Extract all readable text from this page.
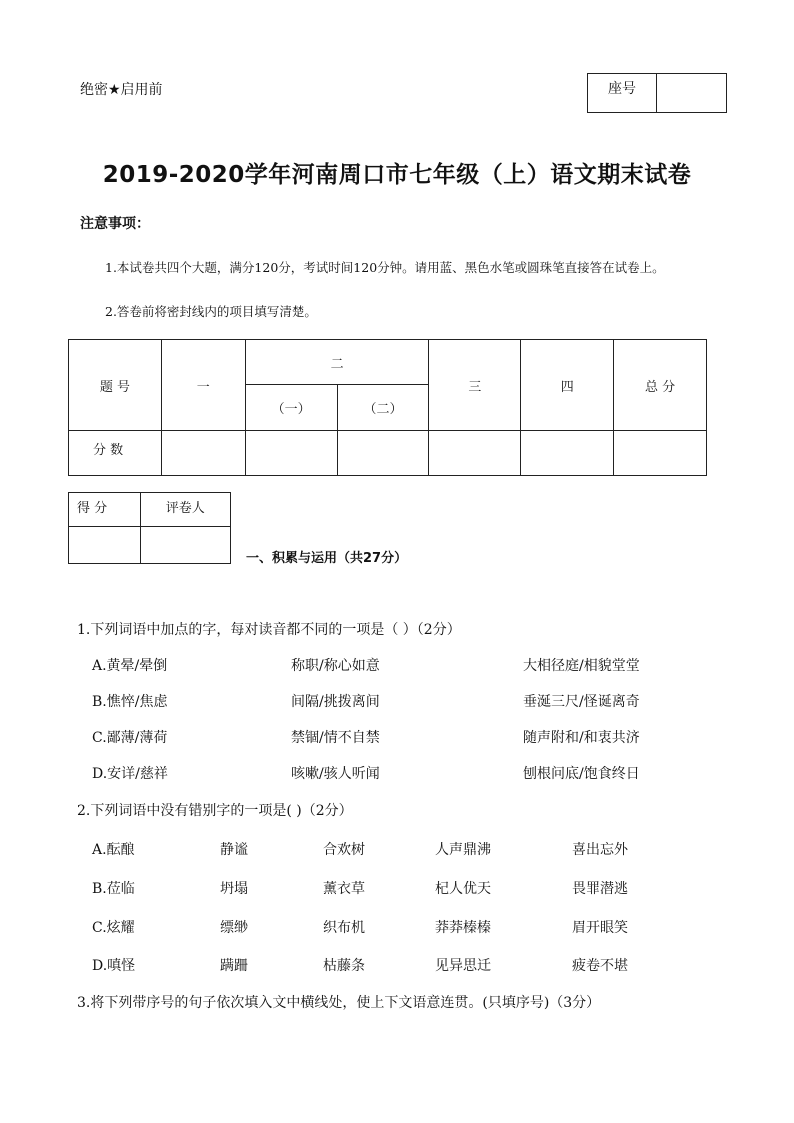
绝密★启用前	座号
2019-2020学年河南周口市七年级（上）语文期末试卷
注意事项：
1.本试卷共四个大题，满分120分，考试时间120分钟。请用蓝、黑色水笔或圆珠笔直接答在试卷上。
2.答卷前将密封线内的项目填写清楚。
题 号	一	二		三	四	总 分
		（一）	（二）			
分 数						
得 分	评卷人

一、积累与运用（共27分）
1.下列词语中加点的字，每对读音都不同的一项是（ ）（2分）
A.黄晕/晕倒	称职/称心如意	大相径庭/相貌堂堂
B.憔悴/焦虑	间隔/挑拨离间	垂涎三尺/怪诞离奇
C.鄙薄/薄荷	禁锢/情不自禁	随声附和/和衷共济
D.安详/慈祥	咳嗽/骇人听闻	刨根问底/饱食终日
2.下列词语中没有错别字的一项是( )（2分）
A.酝酿	静谧	合欢树	人声鼎沸	喜出忘外
B.莅临	坍塌	薰衣草	杞人优天	畏罪潜逃
C.炫耀	缥缈	织布机	莽莽榛榛	眉开眼笑
D.嗔怪	蹒跚	枯藤条	见异思迁	疲卷不堪
3.将下列带序号的句子依次填入文中横线处，使上下文语意连贯。(只填序号)（3分）
